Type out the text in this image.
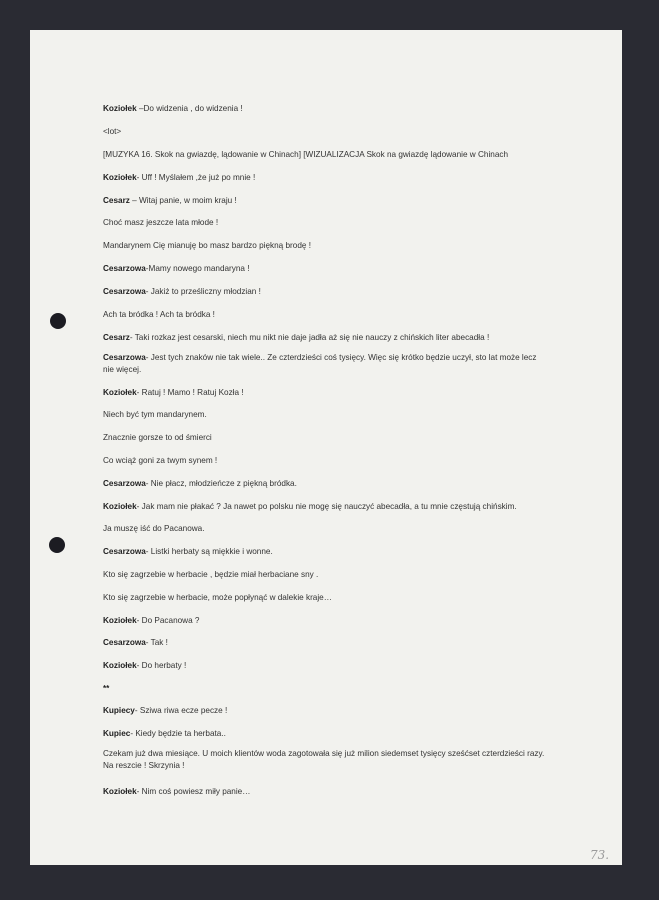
Koziołek –Do widzenia , do widzenia !
<lot>
[MUZYKA 16. Skok na gwiazdę, lądowanie w Chinach] [WIZUALIZACJA Skok na gwiazdę lądowanie w Chinach
Koziołek- Uff ! Myślałem ,że już po mnie !
Cesarz – Witaj panie, w moim kraju !
Choć masz jeszcze lata młode !
Mandarynem Cię mianuję bo masz bardzo piękną brodę !
Cesarzowa-Mamy nowego mandaryna !
Cesarzowa- Jakiż to prześliczny młodzian !
Ach ta bródka ! Ach ta bródka !
Cesarz- Taki rozkaz jest cesarski, niech mu nikt nie daje jadła aż się nie nauczy z chińskich liter abecadła !
Cesarzowa- Jest tych znaków nie tak wiele.. Ze czterdzieści coś tysięcy. Więc się krótko będzie uczył, sto lat może lecz nie więcej.
Koziołek- Ratuj ! Mamo ! Ratuj Kozła !
Niech być tym mandarynem.
Znacznie gorsze to od śmierci
Co wciąż goni za twym synem !
Cesarzowa- Nie płacz, młodzieńcze z piękną bródka.
Koziołek- Jak mam nie płakać ? Ja nawet po polsku nie mogę się nauczyć abecadła, a tu mnie częstują chińskim.
Ja muszę iść do Pacanowa.
Cesarzowa- Listki herbaty są miękkie i wonne.
Kto się zagrzebie w herbacie , będzie miał herbaciane sny .
Kto się zagrzebie w herbacie, może popłynąć w dalekie kraje…
Koziołek- Do Pacanowa ?
Cesarzowa- Tak !
Koziołek- Do herbaty !
**
Kupiecy- Sziwa riwa ecze pecze !
Kupiec- Kiedy będzie ta herbata..
Czekam już dwa miesiące. U moich klientów woda zagotowała się już milion siedemset tysięcy sześćset czterdzieści razy. Na reszcie ! Skrzynia !
Koziołek- Nim coś powiesz miły panie…
73.
